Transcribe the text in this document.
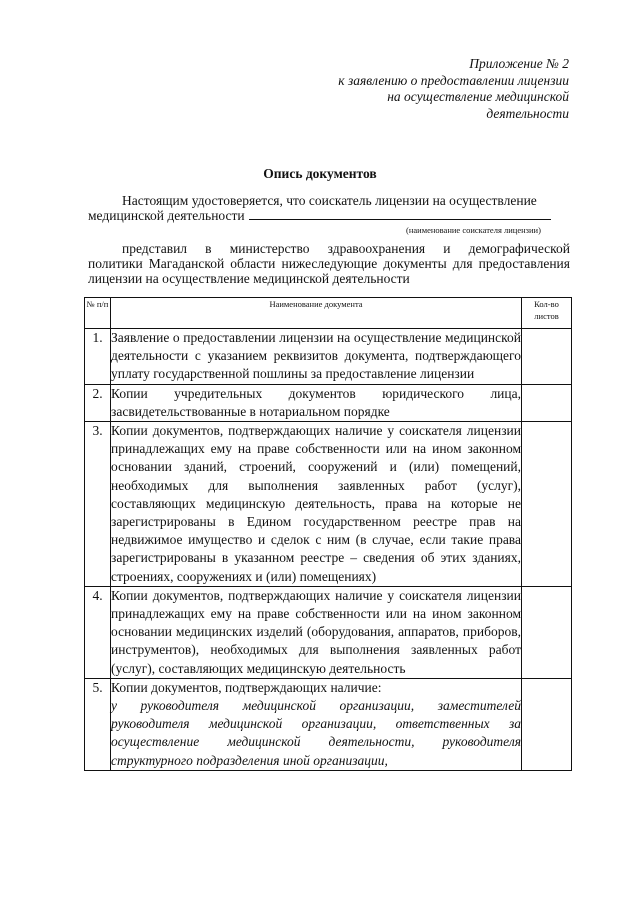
Приложение № 2
к заявлению о предоставлении лицензии
на осуществление медицинской
деятельности
Опись документов
Настоящим удостоверяется, что соискатель лицензии на осуществление
медицинской деятельности
(наименование соискателя лицензии)
представил в министерство здравоохранения и демографической
политики Магаданской области нижеследующие документы для предоставления лицензии на осуществление медицинской деятельности
№ п/п	Наименование документа	Кол-во листов
1.	Заявление о предоставлении лицензии на осуществление медицинской деятельности с указанием реквизитов документа, подтверждающего уплату государственной пошлины за предоставление лицензии	
2.	Копии учредительных документов юридического лица, засвидетельствованные в нотариальном порядке	
3.	Копии документов, подтверждающих наличие у соискателя лицензии принадлежащих ему на праве собственности или на ином законном основании зданий, строений, сооружений и (или) помещений, необходимых для выполнения заявленных работ (услуг), составляющих медицинскую деятельность, права на которые не зарегистрированы в Едином государственном реестре прав на недвижимое имущество и сделок с ним (в случае, если такие права зарегистрированы в указанном реестре – сведения об этих зданиях, строениях, сооружениях и (или) помещениях)	
4.	Копии документов, подтверждающих наличие у соискателя лицензии принадлежащих ему на праве собственности или на ином законном основании медицинских изделий (оборудования, аппаратов, приборов, инструментов), необходимых для выполнения заявленных работ (услуг), составляющих медицинскую деятельность	
5.	Копии документов, подтверждающих наличие:
у руководителя медицинской организации, заместителей руководителя медицинской организации, ответственных за осуществление медицинской деятельности, руководителя структурного подразделения иной организации,	
